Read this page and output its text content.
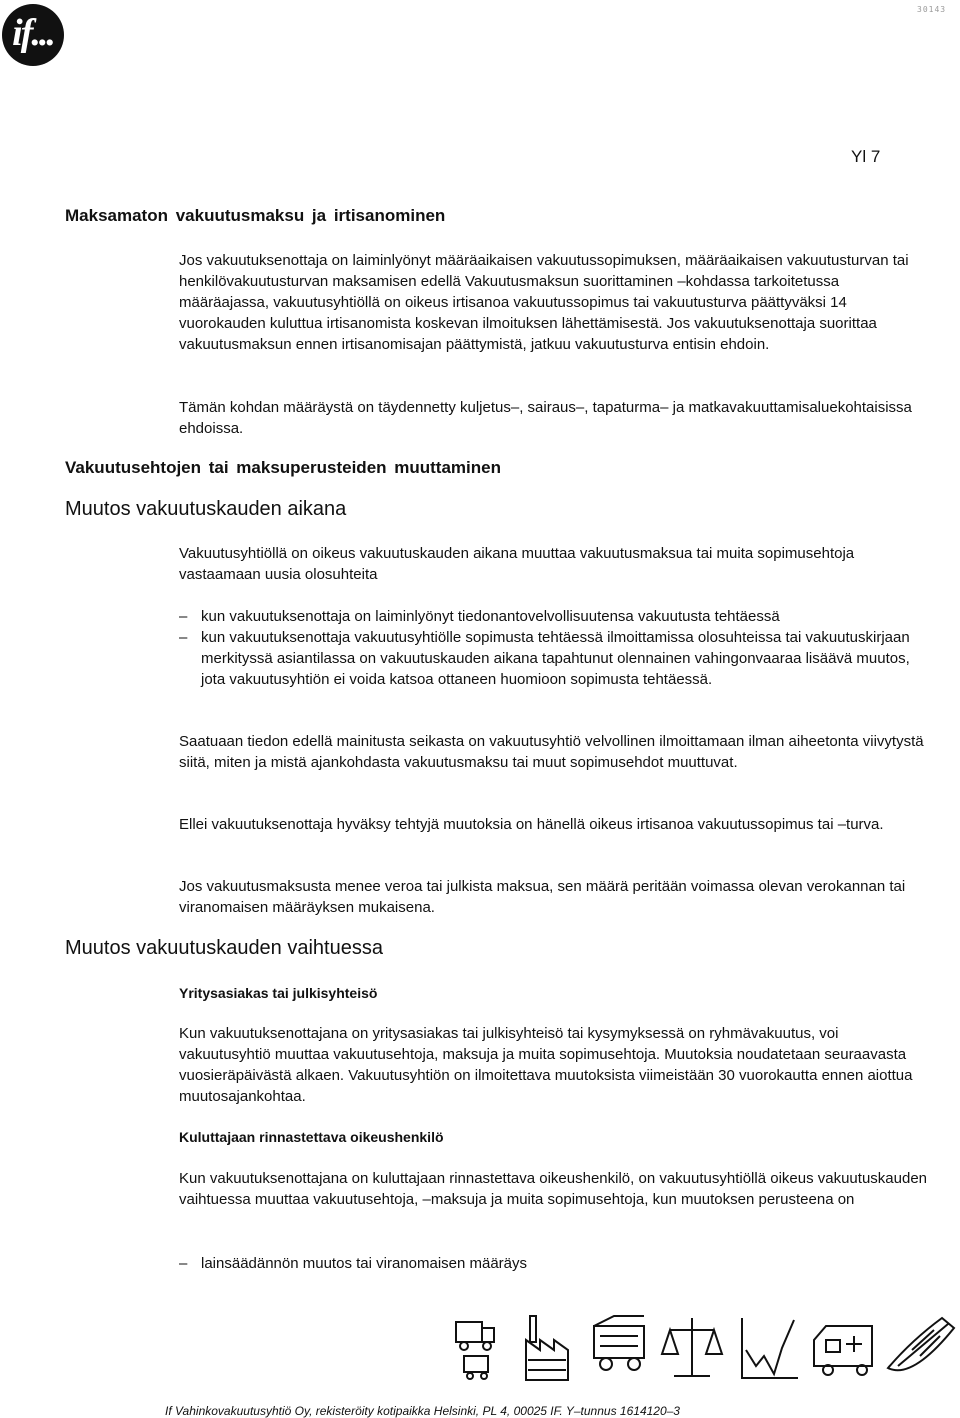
if...
30143
Yl 7
Maksamaton vakuutusmaksu ja irtisanominen
Jos vakuutuksenottaja on laiminlyönyt määräaikaisen vakuutussopimuksen, määräaikaisen vakuutusturvan tai henkilövakuutusturvan maksamisen edellä Vakuutusmaksun suorittaminen –kohdassa tarkoitetussa määräajassa, vakuutusyhtiöllä on oikeus irtisanoa vakuutussopimus tai vakuutusturva päättyväksi 14 vuorokauden kuluttua irtisanomista koskevan ilmoituksen lähettämisestä. Jos vakuutuksenottaja suorittaa vakuutusmaksun ennen irtisanomisajan päättymistä, jatkuu vakuutusturva entisin ehdoin.
Tämän kohdan määräystä on täydennetty kuljetus–, sairaus–, tapaturma– ja matkavakuuttamisaluekohtaisissa ehdoissa.
Vakuutusehtojen tai maksuperusteiden muuttaminen
Muutos vakuutuskauden aikana
Vakuutusyhtiöllä on oikeus vakuutuskauden aikana muuttaa vakuutusmaksua tai muita sopimusehtoja vastaamaan uusia olosuhteita
– kun vakuutuksenottaja on laiminlyönyt tiedonantovelvollisuutensa vakuutusta tehtäessä
– kun vakuutuksenottaja vakuutusyhtiölle sopimusta tehtäessä ilmoittamissa olosuhteissa tai vakuutuskirjaan merkityssä asiantilassa on vakuutuskauden aikana tapahtunut olennainen vahingonvaaraa lisäävä muutos, jota vakuutusyhtiön ei voida katsoa ottaneen huomioon sopimusta tehtäessä.
Saatuaan tiedon edellä mainitusta seikasta on vakuutusyhtiö velvollinen ilmoittamaan ilman aiheetonta viivytystä siitä, miten ja mistä ajankohdasta vakuutusmaksu tai muut sopimusehdot muuttuvat.
Ellei vakuutuksenottaja hyväksy tehtyjä muutoksia on hänellä oikeus irtisanoa vakuutussopimus tai –turva.
Jos vakuutusmaksusta menee veroa tai julkista maksua, sen määrä peritään voimassa olevan verokannan tai viranomaisen määräyksen mukaisena.
Muutos vakuutuskauden vaihtuessa
Yritysasiakas tai julkisyhteisö
Kun vakuutuksenottajana on yritysasiakas tai julkisyhteisö tai kysymyksessä on ryhmävakuutus, voi vakuutusyhtiö muuttaa vakuutusehtoja, maksuja ja muita sopimusehtoja. Muutoksia noudatetaan seuraavasta vuosieräpäivästä alkaen. Vakuutusyhtiön on ilmoitettava muutoksista viimeistään 30 vuorokautta ennen aiottua muutosajankohtaa.
Kuluttajaan rinnastettava oikeushenkilö
Kun vakuutuksenottajana on kuluttajaan rinnastettava oikeushenkilö, on vakuutusyhtiöllä oikeus vakuutuskauden vaihtuessa muuttaa vakuutusehtoja, –maksuja ja muita sopimusehtoja, kun muutoksen perusteena on
– lainsäädännön muutos tai viranomaisen määräys
If Vahinkovakuutusyhtiö Oy, rekisteröity kotipaikka Helsinki, PL 4, 00025 IF. Y–tunnus 1614120–3
